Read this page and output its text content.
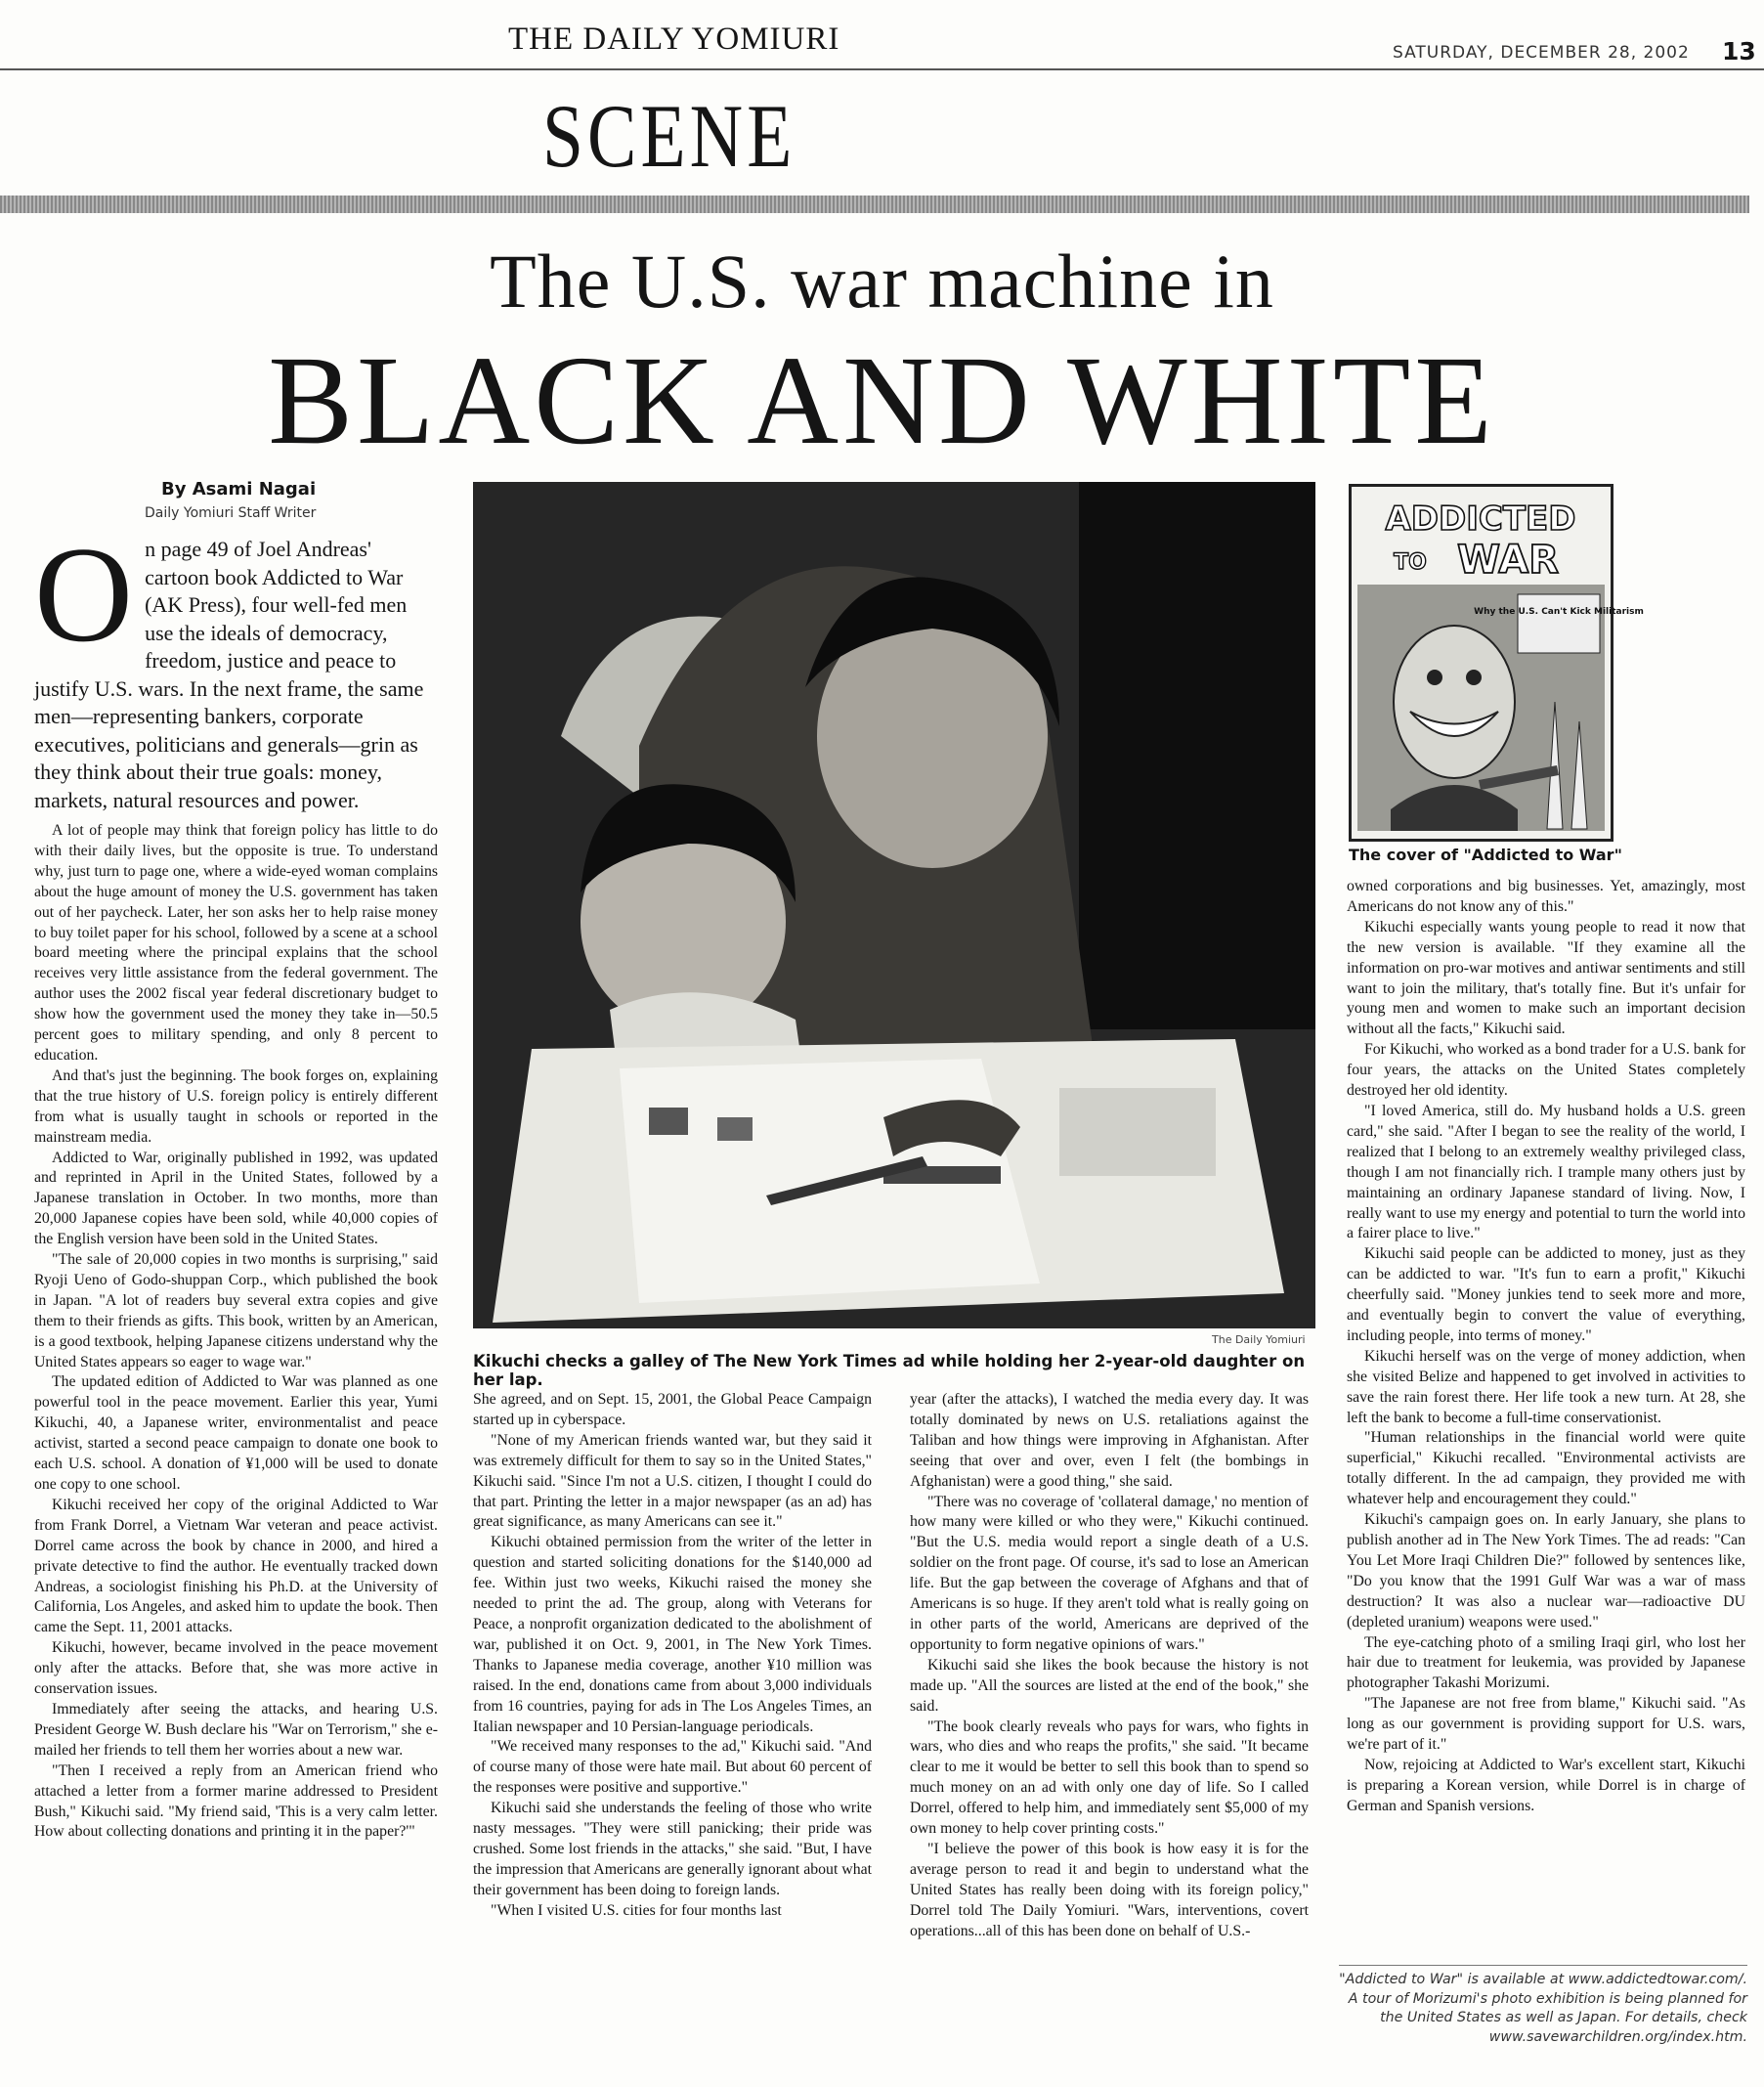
THE DAILY YOMIURI	SATURDAY, DECEMBER 28, 2002 13
SCENE
The U.S. war machine in
BLACK AND WHITE
By Asami Nagai
Daily Yomiuri Staff Writer
On page 49 of Joel Andreas' cartoon book Addicted to War (AK Press), four well-fed men use the ideals of democracy, freedom, justice and peace to justify U.S. wars. In the next frame, the same men—representing bankers, corporate executives, politicians and generals—grin as they think about their true goals: money, markets, natural resources and power.

A lot of people may think that foreign policy has little to do with their daily lives, but the opposite is true. To understand why, just turn to page one, where a wide-eyed woman complains about the huge amount of money the U.S. government has taken out of her paycheck. Later, her son asks her to help raise money to buy toilet paper for his school, followed by a scene at a school board meeting where the principal explains that the school receives very little assistance from the federal government. The author uses the 2002 fiscal year federal discretionary budget to show how the government used the money they take in—50.5 percent goes to military spending, and only 8 percent to education.

And that's just the beginning. The book forges on, explaining that the true history of U.S. foreign policy is entirely different from what is usually taught in schools or reported in the mainstream media.

Addicted to War, originally published in 1992, was updated and reprinted in April in the United States, followed by a Japanese translation in October. In two months, more than 20,000 Japanese copies have been sold, while 40,000 copies of the English version have been sold in the United States.

"The sale of 20,000 copies in two months is surprising," said Ryoji Ueno of Godo-shuppan Corp., which published the book in Japan. "A lot of readers buy several extra copies and give them to their friends as gifts. This book, written by an American, is a good textbook, helping Japanese citizens understand why the United States appears so eager to wage war."

The updated edition of Addicted to War was planned as one powerful tool in the peace movement. Earlier this year, Yumi Kikuchi, 40, a Japanese writer, environmentalist and peace activist, started a second peace campaign to donate one book to each U.S. school. A donation of ¥1,000 will be used to donate one copy to one school.

Kikuchi received her copy of the original Addicted to War from Frank Dorrel, a Vietnam War veteran and peace activist. Dorrel came across the book by chance in 2000, and hired a private detective to find the author. He eventually tracked down Andreas, a sociologist finishing his Ph.D. at the University of California, Los Angeles, and asked him to update the book. Then came the Sept. 11, 2001 attacks.

Kikuchi, however, became involved in the peace movement only after the attacks. Before that, she was more active in conservation issues.

Immediately after seeing the attacks, and hearing U.S. President George W. Bush declare his "War on Terrorism," she e-mailed her friends to tell them her worries about a new war.

"Then I received a reply from an American friend who attached a letter from a former marine addressed to President Bush," Kikuchi said. "My friend said, 'This is a very calm letter. How about collecting donations and printing it in the paper?'"

The Daily Yomiuri
Kikuchi checks a galley of The New York Times ad while holding her 2-year-old daughter on her lap.

She agreed, and on Sept. 15, 2001, the Global Peace Campaign started up in cyberspace.

"None of my American friends wanted war, but they said it was extremely difficult for them to say so in the United States," Kikuchi said. "Since I'm not a U.S. citizen, I thought I could do that part. Printing the letter in a major newspaper (as an ad) has great significance, as many Americans can see it."

Kikuchi obtained permission from the writer of the letter in question and started soliciting donations for the $140,000 ad fee. Within just two weeks, Kikuchi raised the money she needed to print the ad. The group, along with Veterans for Peace, a nonprofit organization dedicated to the abolishment of war, published it on Oct. 9, 2001, in The New York Times. Thanks to Japanese media coverage, another ¥10 million was raised. In the end, donations came from about 3,000 individuals from 16 countries, paying for ads in The Los Angeles Times, an Italian newspaper and 10 Persian-language periodicals.

"We received many responses to the ad," Kikuchi said. "And of course many of those were hate mail. But about 60 percent of the responses were positive and supportive."

Kikuchi said she understands the feeling of those who write nasty messages. "They were still panicking; their pride was crushed. Some lost friends in the attacks," she said. "But, I have the impression that Americans are generally ignorant about what their government has been doing to foreign lands.

"When I visited U.S. cities for four months last

year (after the attacks), I watched the media every day. It was totally dominated by news on U.S. retaliations against the Taliban and how things were improving in Afghanistan. After seeing that over and over, even I felt (the bombings in Afghanistan) were a good thing," she said.

"There was no coverage of 'collateral damage,' no mention of how many were killed or who they were," Kikuchi continued. "But the U.S. media would report a single death of a U.S. soldier on the front page. Of course, it's sad to lose an American life. But the gap between the coverage of Afghans and that of Americans is so huge. If they aren't told what is really going on in other parts of the world, Americans are deprived of the opportunity to form negative opinions of wars."

Kikuchi said she likes the book because the history is not made up. "All the sources are listed at the end of the book," she said.

"The book clearly reveals who pays for wars, who fights in wars, who dies and who reaps the profits," she said. "It became clear to me it would be better to sell this book than to spend so much money on an ad with only one day of life. So I called Dorrel, offered to help him, and immediately sent $5,000 of my own money to help cover printing costs."

"I believe the power of this book is how easy it is for the average person to read it and begin to understand what the United States has really been doing with its foreign policy," Dorrel told The Daily Yomiuri. "Wars, interventions, covert operations...all of this has been done on behalf of U.S.-

ADDICTED
TO WAR
Why the U.S. Can't Kick Militarism
The cover of "Addicted to War"

owned corporations and big businesses. Yet, amazingly, most Americans do not know any of this."

Kikuchi especially wants young people to read it now that the new version is available. "If they examine all the information on pro-war motives and antiwar sentiments and still want to join the military, that's totally fine. But it's unfair for young men and women to make such an important decision without all the facts," Kikuchi said.

For Kikuchi, who worked as a bond trader for a U.S. bank for four years, the attacks on the United States completely destroyed her old identity.

"I loved America, still do. My husband holds a U.S. green card," she said. "After I began to see the reality of the world, I realized that I belong to an extremely wealthy privileged class, though I am not financially rich. I trample many others just by maintaining an ordinary Japanese standard of living. Now, I really want to use my energy and potential to turn the world into a fairer place to live."

Kikuchi said people can be addicted to money, just as they can be addicted to war. "It's fun to earn a profit," Kikuchi cheerfully said. "Money junkies tend to seek more and more, and eventually begin to convert the value of everything, including people, into terms of money."

Kikuchi herself was on the verge of money addiction, when she visited Belize and happened to get involved in activities to save the rain forest there. Her life took a new turn. At 28, she left the bank to become a full-time conservationist.

"Human relationships in the financial world were quite superficial," Kikuchi recalled. "Environmental activists are totally different. In the ad campaign, they provided me with whatever help and encouragement they could."

Kikuchi's campaign goes on. In early January, she plans to publish another ad in The New York Times. The ad reads: "Can You Let More Iraqi Children Die?" followed by sentences like, "Do you know that the 1991 Gulf War was a war of mass destruction? It was also a nuclear war—radioactive DU (depleted uranium) weapons were used."

The eye-catching photo of a smiling Iraqi girl, who lost her hair due to treatment for leukemia, was provided by Japanese photographer Takashi Morizumi.

"The Japanese are not free from blame," Kikuchi said. "As long as our government is providing support for U.S. wars, we're part of it."

Now, rejoicing at Addicted to War's excellent start, Kikuchi is preparing a Korean version, while Dorrel is in charge of German and Spanish versions.

"Addicted to War" is available at www.addictedtowar.com/. A tour of Morizumi's photo exhibition is being planned for the United States as well as Japan. For details, check www.savewarchildren.org/index.htm.
